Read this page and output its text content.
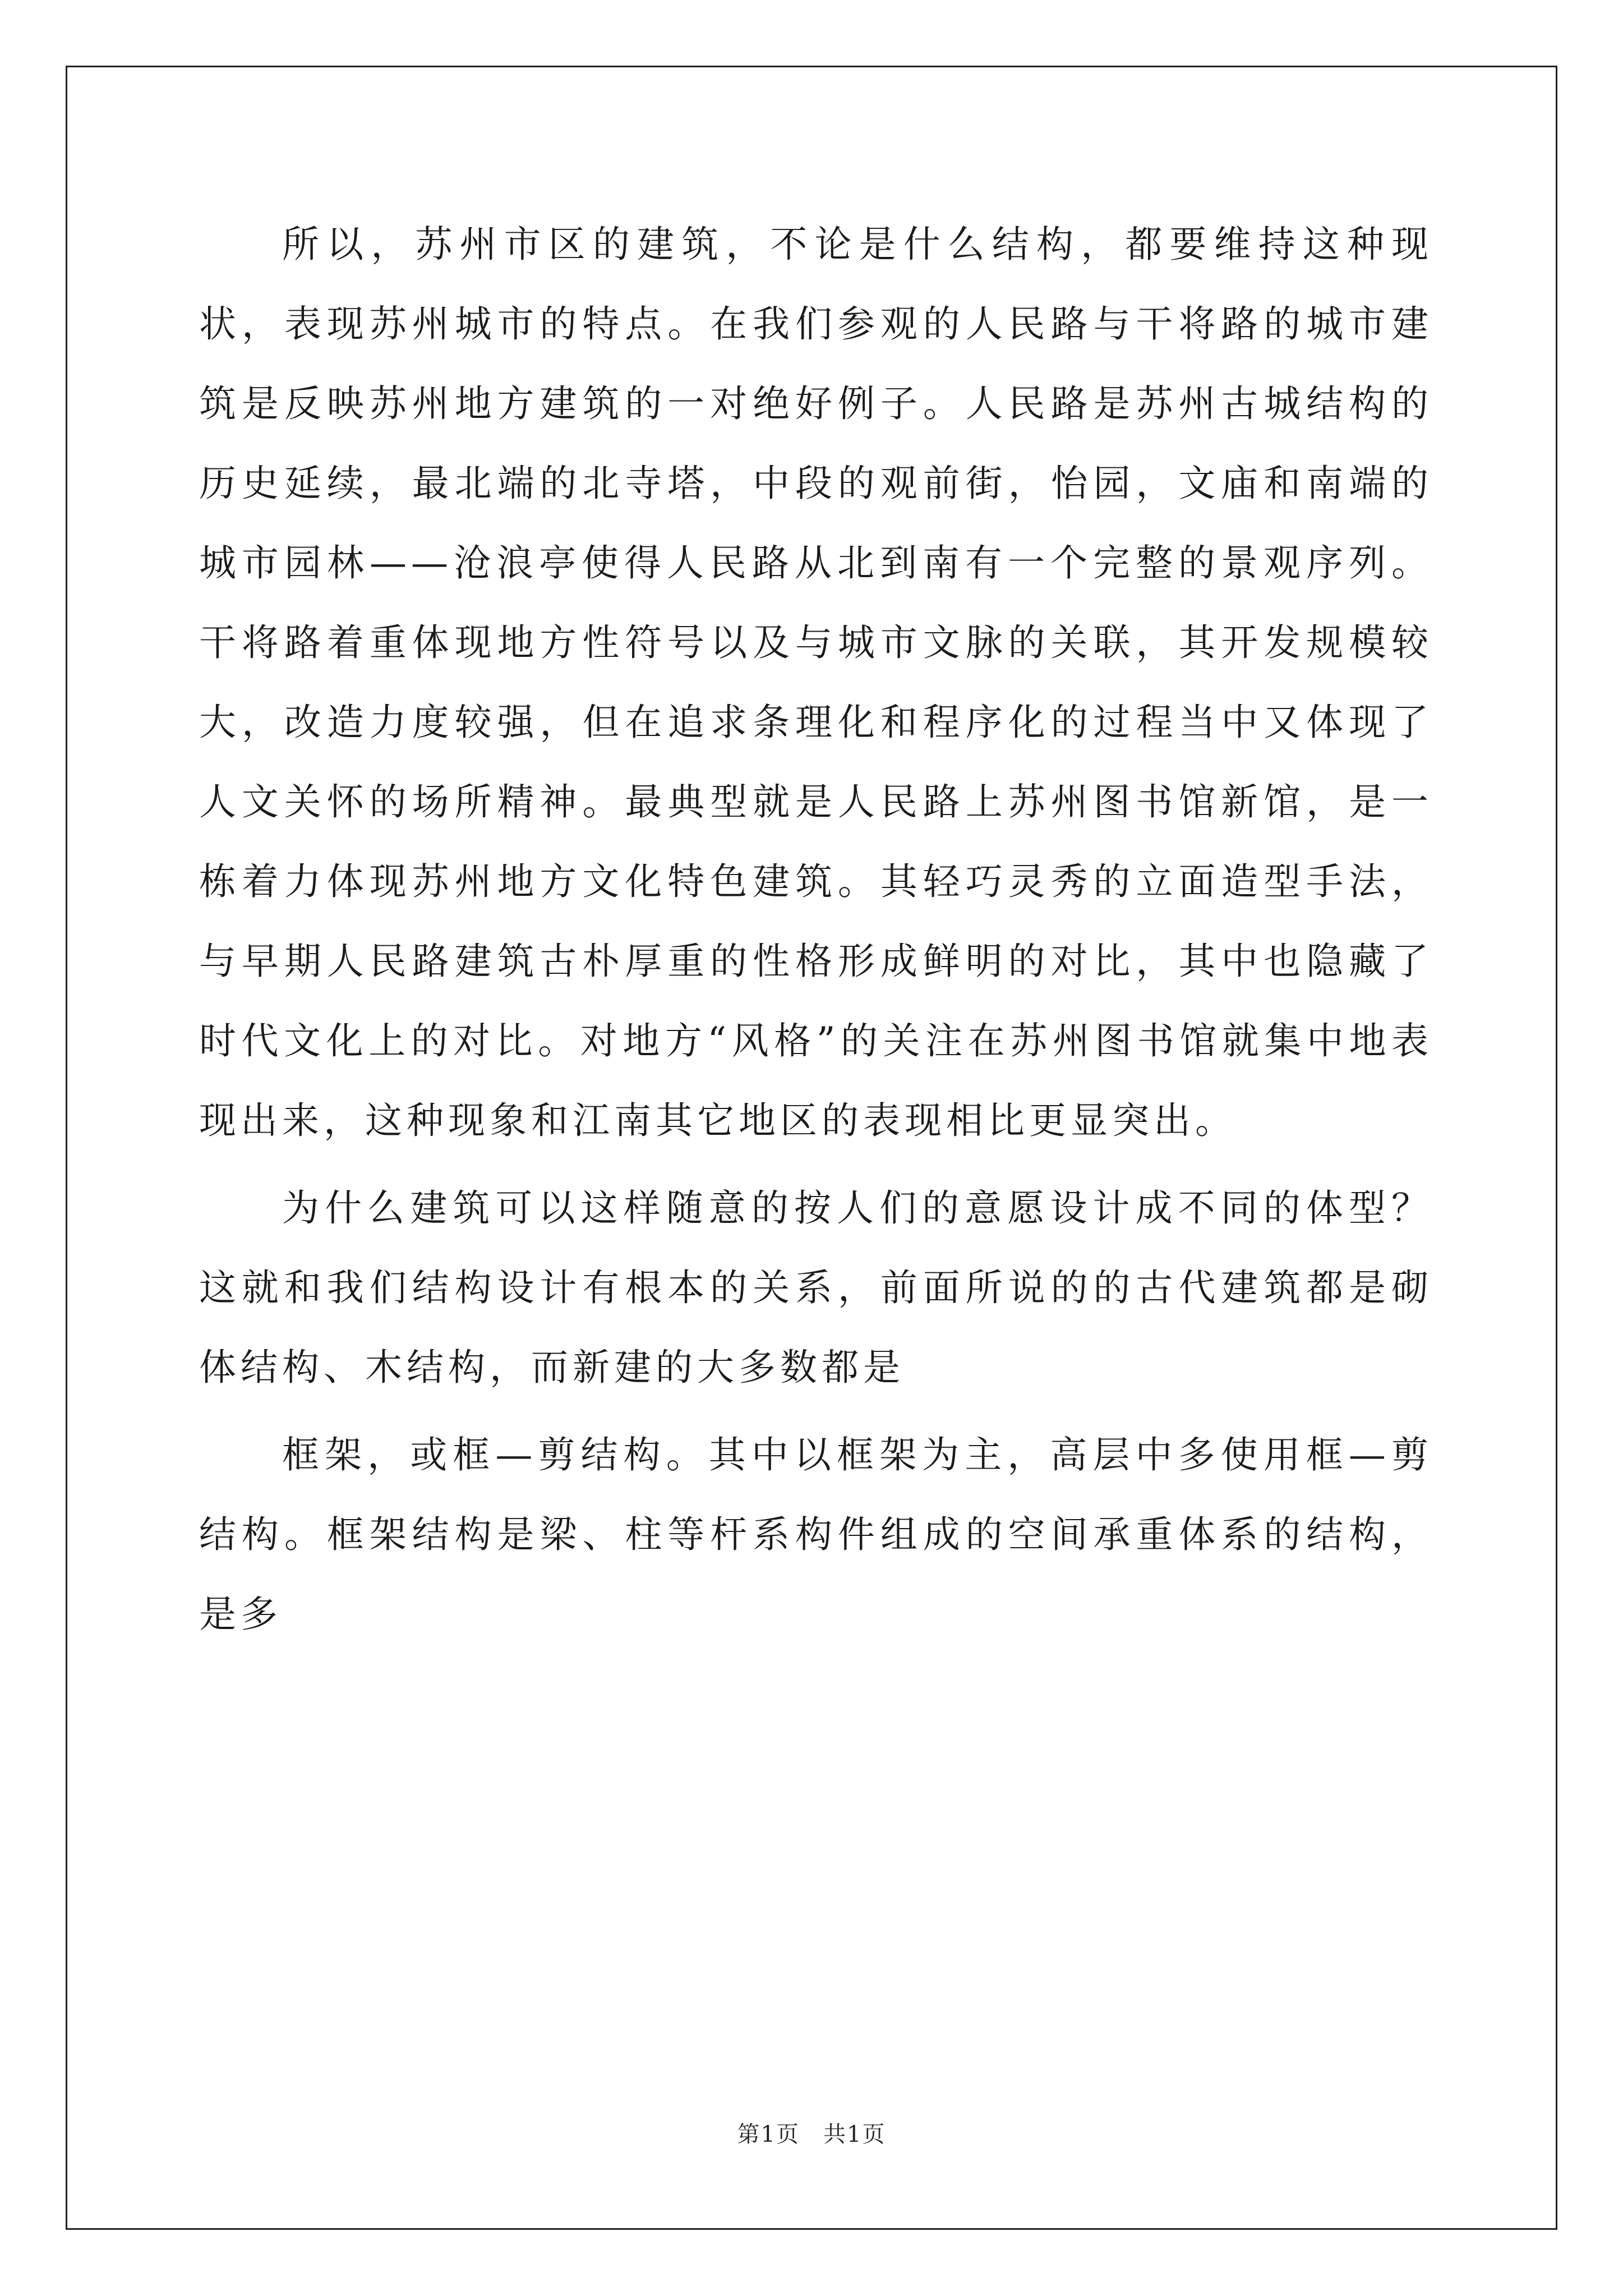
所以，苏州市区的建筑，不论是什么结构，都要维持这种现状，表现苏州城市的特点。在我们参观的人民路与干将路的城市建筑是反映苏州地方建筑的一对绝好例子。人民路是苏州古城结构的历史延续，最北端的北寺塔，中段的观前街，怡园，文庙和南端的城市园林——沧浪亭使得人民路从北到南有一个完整的景观序列。干将路着重体现地方性符号以及与城市文脉的关联，其开发规模较大，改造力度较强，但在追求条理化和程序化的过程当中又体现了人文关怀的场所精神。最典型就是人民路上苏州图书馆新馆，是一栋着力体现苏州地方文化特色建筑。其轻巧灵秀的立面造型手法，与早期人民路建筑古朴厚重的性格形成鲜明的对比，其中也隐藏了时代文化上的对比。对地方“风格”的关注在苏州图书馆就集中地表现出来，这种现象和江南其它地区的表现相比更显突出。

为什么建筑可以这样随意的按人们的意愿设计成不同的体型？这就和我们结构设计有根本的关系，前面所说的的古代建筑都是砌体结构、木结构，而新建的大多数都是

框架，或框—剪结构。其中以框架为主，高层中多使用框—剪结构。框架结构是梁、柱等杆系构件组成的空间承重体系的结构，是多

第1页　共1页
